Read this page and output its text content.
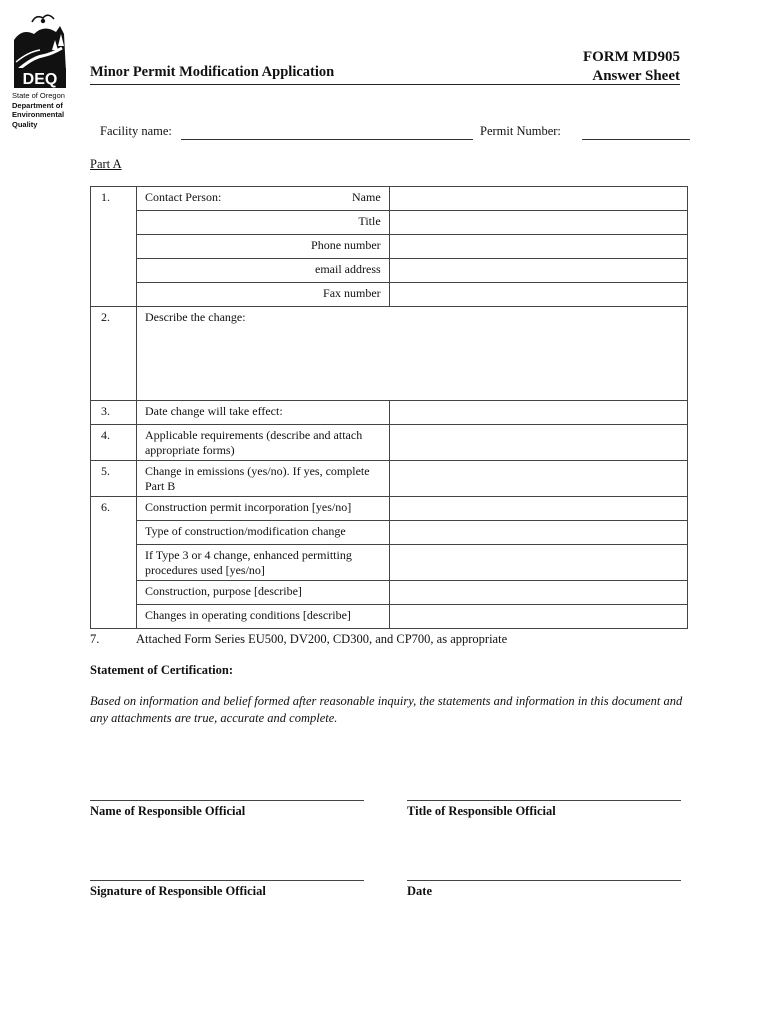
DEQ
State of Oregon
Department of
Environmental
Quality
FORM MD905
Answer Sheet
Minor Permit Modification Application
Facility name:	Permit Number:
Part A
1.	Contact Person: Name	

	Title	
	Phone number	
	email address	
	Fax number	
2.	Describe the change:	
3.	Date change will take effect:	
4.	Applicable requirements (describe and attach appropriate forms)	
5.	Change in emissions (yes/no). If yes, complete Part B	
6.	Construction permit incorporation [yes/no]	
	Type of construction/modification change	
	If Type 3 or 4 change, enhanced permitting procedures used [yes/no]	
	Construction, purpose [describe]	
	Changes in operating conditions [describe]	
7.	Attached Form Series EU500, DV200, CD300, and CP700, as appropriate
Statement of Certification:
Based on information and belief formed after reasonable inquiry, the statements and information in this document and any attachments are true, accurate and complete.
Name of Responsible Official	Title of Responsible Official
Signature of Responsible Official	Date
